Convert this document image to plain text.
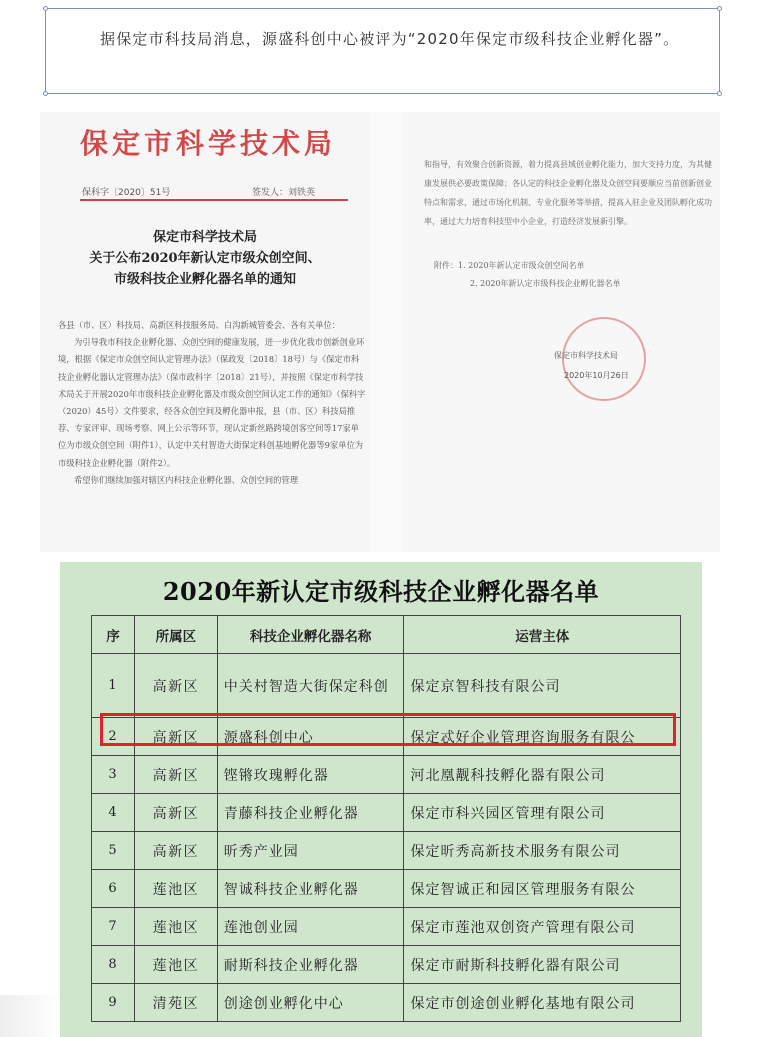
据保定市科技局消息，源盛科创中心被评为“2020年保定市级科技企业孵化器”。

保定市科学技术局
保科字〔2020〕51号	签发人：刘铁英
保定市科学技术局
关于公布2020年新认定市级众创空间、
市级科技企业孵化器名单的通知

各县（市、区）科技局、高新区科技服务局、白沟新城管委会、各有关单位：

为引导我市科技企业孵化器、众创空间的健康发展，进一步优化我市创新创业环境，根据《保定市众创空间认定管理办法》（保政发〔2018〕18号）与《保定市科技企业孵化器认定管理办法》（保市政科字〔2018〕21号），并按照《保定市科学技术局关于开展2020年市级科技企业孵化器及市级众创空间认定工作的通知》（保科字（2020）45号）文件要求，经各众创空间及孵化器申报，县（市、区）科技局推荐、专家评审、现场考察、网上公示等环节，现认定新丝路跨境创客空间等17家单位为市级众创空间（附件1），认定中关村智造大街保定科创基地孵化器等9家单位为市级科技企业孵化器（附件2）。

希望你们继续加强对辖区内科技企业孵化器、众创空间的管理

和指导，有效聚合创新资源，着力提高县域创业孵化能力，加大支持力度，为其健康发展供必要政策保障；各认定的科技企业孵化器及众创空间要顺应当前创新创业特点和需求，通过市场化机制、专业化服务等举措，提高入驻企业及团队孵化成功率，通过大力培育科技型中小企业，打造经济发展新引擎。

附件：1. 2020年新认定市级众创空间名单
2. 2020年新认定市级科技企业孵化器名单
保定市科学技术局
2020年10月26日
2020年新认定市级科技企业孵化器名单
序	所属区	科技企业孵化器名称	运营主体
1	高新区	中关村智造大街保定科创	保定京智科技有限公司
2	高新区	源盛科创中心	保定忒好企业管理咨询服务有限公
3	高新区	铿锵玫瑰孵化器	河北凰觏科技孵化器有限公司
4	高新区	青藤科技企业孵化器	保定市科兴园区管理有限公司
5	高新区	昕秀产业园	保定昕秀高新技术服务有限公司
6	莲池区	智诚科技企业孵化器	保定智诚正和园区管理服务有限公
7	莲池区	莲池创业园	保定市莲池双创资产管理有限公司
8	莲池区	耐斯科技企业孵化器	保定市耐斯科技孵化器有限公司
9	清苑区	创途创业孵化中心	保定市创途创业孵化基地有限公司
